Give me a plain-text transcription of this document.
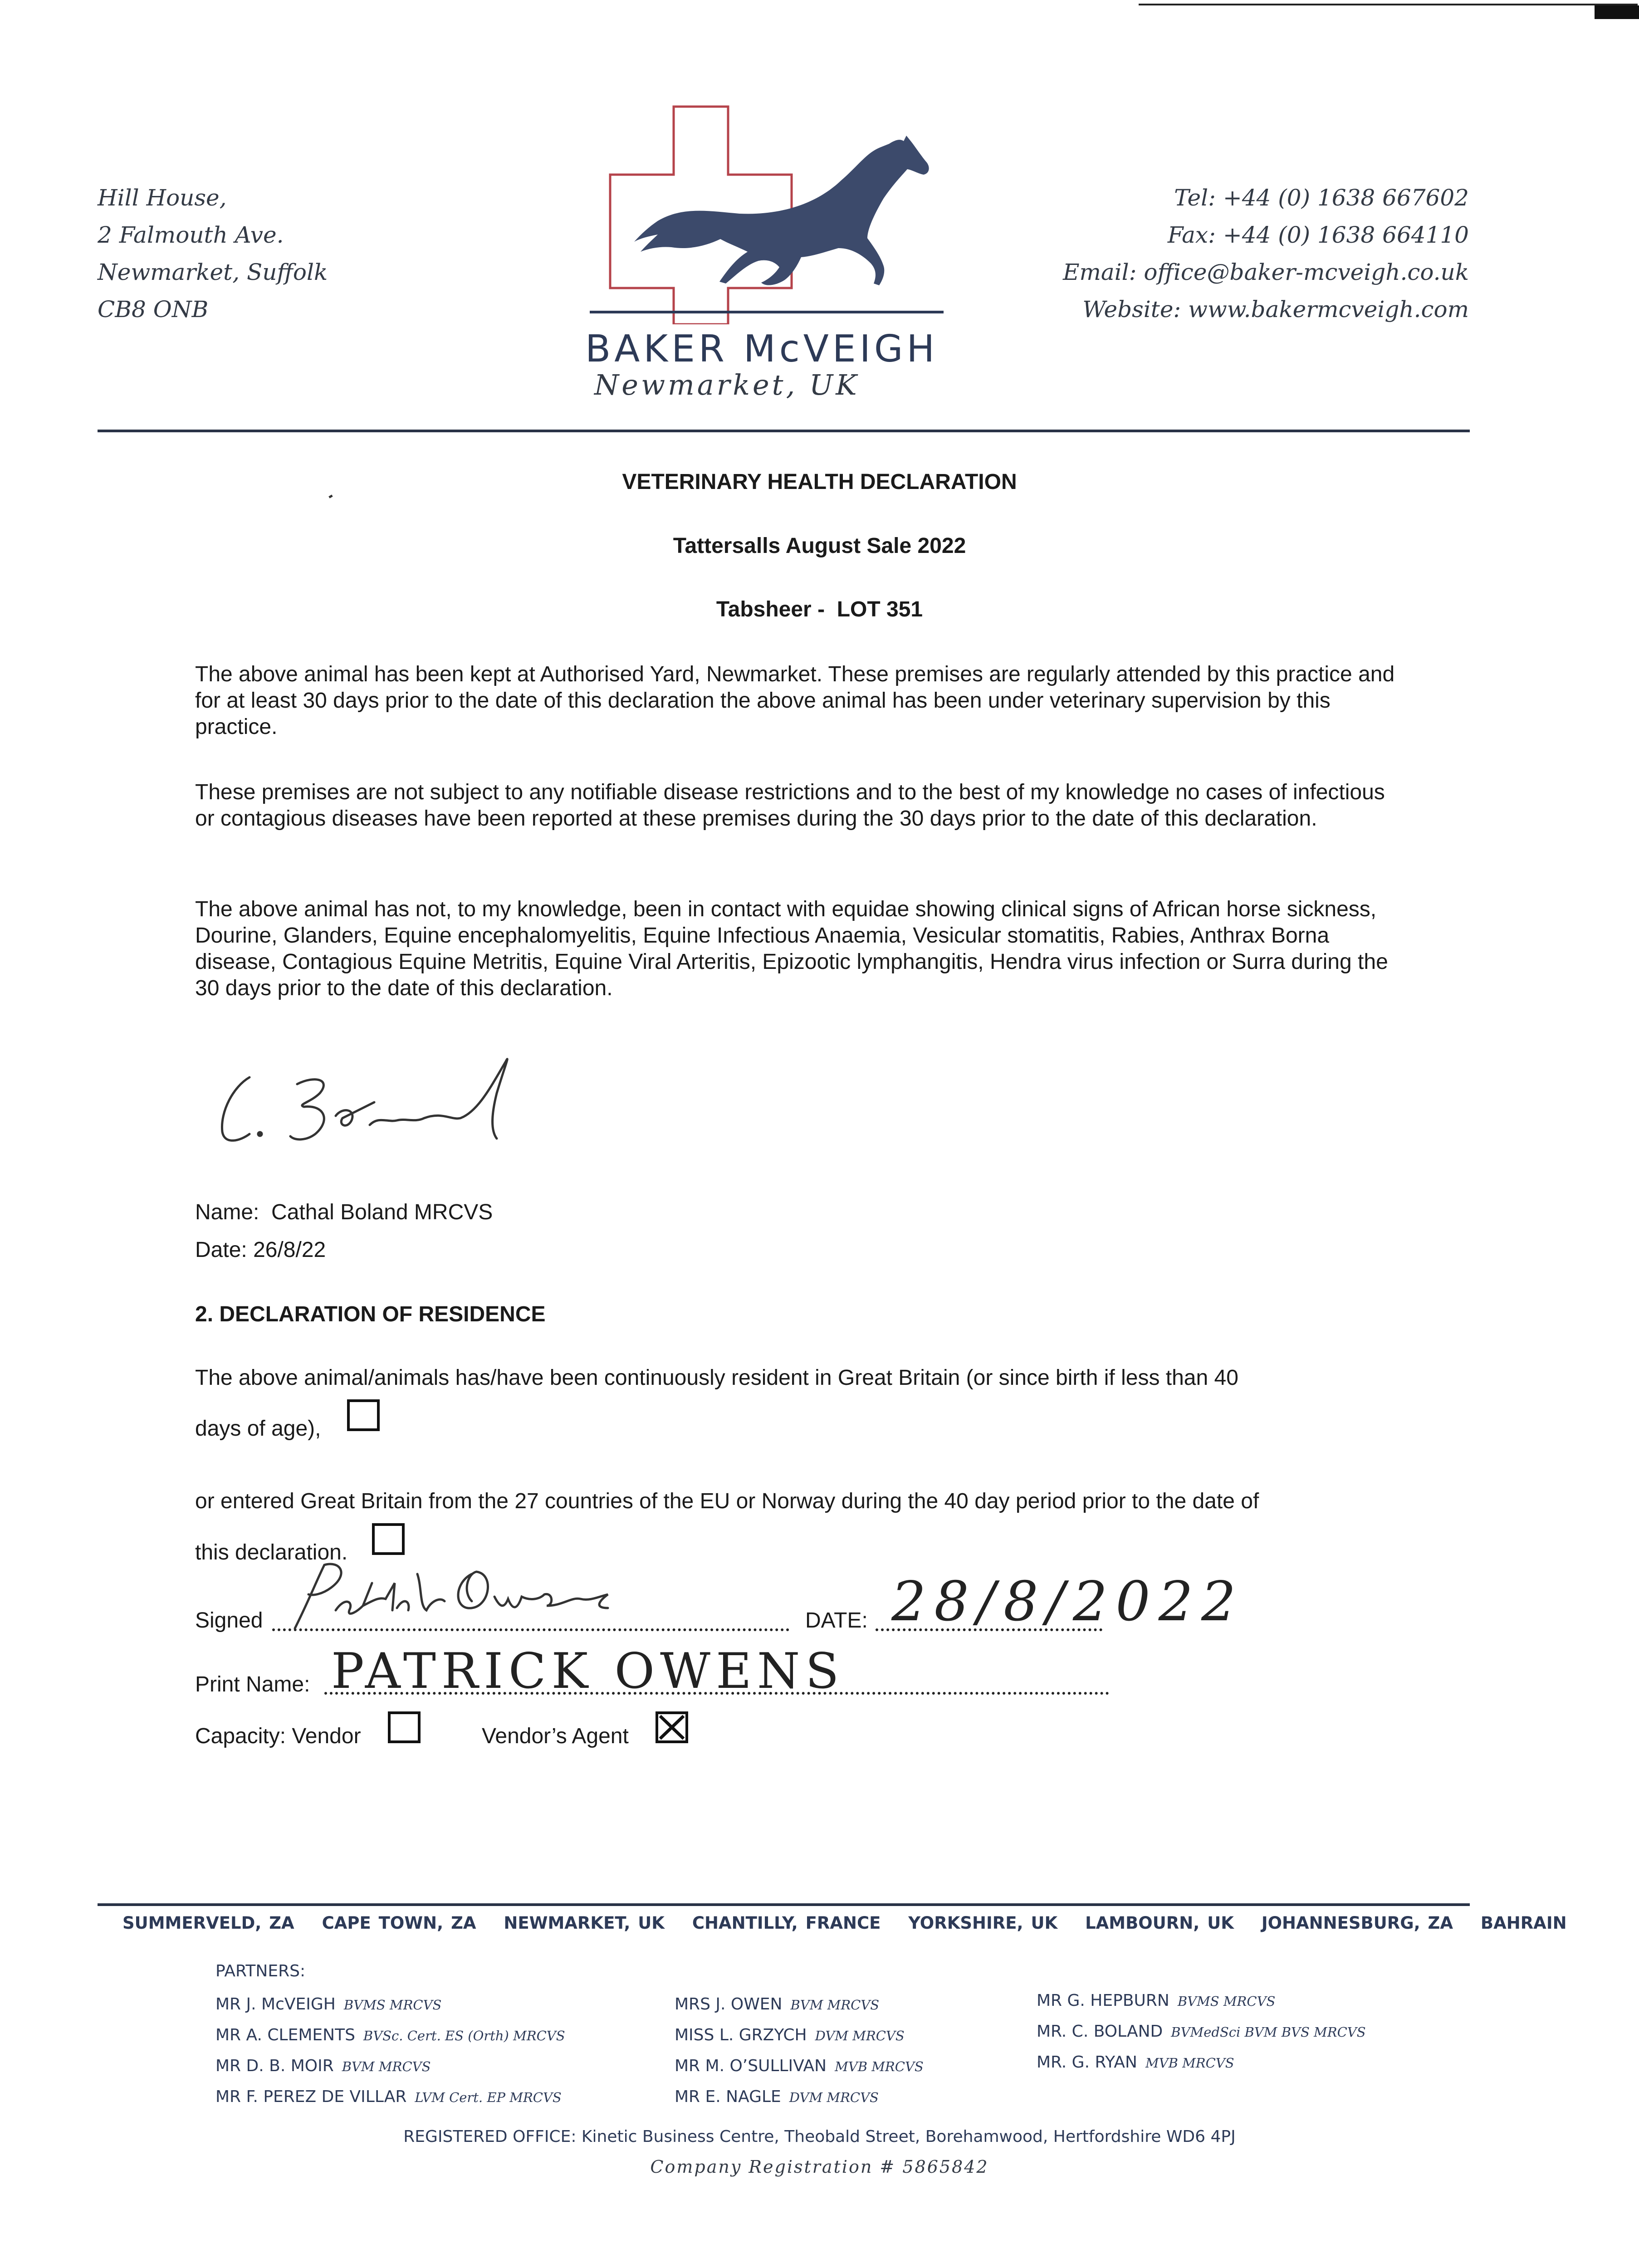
Hill House,
2 Falmouth Ave.
Newmarket, Suffolk
CB8 ONB
BAKER McVEIGH
Newmarket, UK
Tel: +44 (0) 1638 667602
Fax: +44 (0) 1638 664110
Email: office@baker-mcveigh.co.uk
Website: www.bakermcveigh.com
VETERINARY HEALTH DECLARATION
Tattersalls August Sale 2022
Tabsheer -  LOT 351
The above animal has been kept at Authorised Yard, Newmarket. These premises are regularly attended by this practice and for at least 30 days prior to the date of this declaration the above animal has been under veterinary supervision by this practice.
These premises are not subject to any notifiable disease restrictions and to the best of my knowledge no cases of infectious or contagious diseases have been reported at these premises during the 30 days prior to the date of this declaration.
The above animal has not, to my knowledge, been in contact with equidae showing clinical signs of African horse sickness, Dourine, Glanders, Equine encephalomyelitis, Equine Infectious Anaemia, Vesicular stomatitis, Rabies, Anthrax Borna disease, Contagious Equine Metritis, Equine Viral Arteritis, Epizootic lymphangitis, Hendra virus infection or Surra during the 30 days prior to the date of this declaration.
Name:  Cathal Boland MRCVS
Date: 26/8/22
2. DECLARATION OF RESIDENCE
The above animal/animals has/have been continuously resident in Great Britain (or since birth if less than 40
days of age),
or entered Great Britain from the 27 countries of the EU or Norway during the 40 day period prior to the date of
this declaration.
Signed	DATE: 28/8/2022
Print Name: PATRICK OWENS
Capacity: Vendor	Vendor’s Agent
SUMMERVELD, ZA CAPE TOWN, ZA NEWMARKET, UK CHANTILLY, FRANCE YORKSHIRE, UK LAMBOURN, UK JOHANNESBURG, ZA BAHRAIN
PARTNERS:
MR J. McVEIGH BVMS MRCVS
MR A. CLEMENTS BVSc. Cert. ES (Orth) MRCVS
MR D. B. MOIR BVM MRCVS
MR F. PEREZ DE VILLAR LVM Cert. EP MRCVS
MRS J. OWEN BVM MRCVS
MISS L. GRZYCH DVM MRCVS
MR M. O’SULLIVAN MVB MRCVS
MR E. NAGLE DVM MRCVS
MR G. HEPBURN BVMS MRCVS
MR. C. BOLAND BVMedSci BVM BVS MRCVS
MR. G. RYAN MVB MRCVS
REGISTERED OFFICE: Kinetic Business Centre, Theobald Street, Borehamwood, Hertfordshire WD6 4PJ
Company Registration # 5865842
